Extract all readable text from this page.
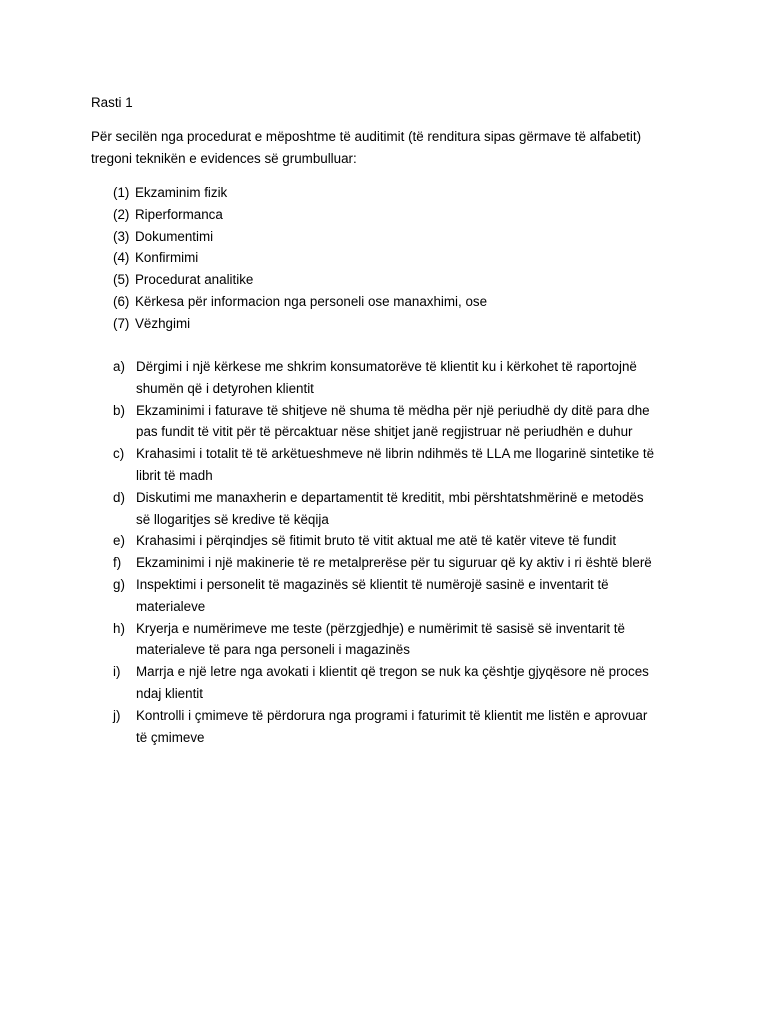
Rasti 1
Për secilën nga procedurat e mëposhtme të auditimit (të renditura sipas gërmave të alfabetit)
tregoni teknikën e evidences së grumbulluar:
(1) Ekzaminim fizik
(2) Riperformanca
(3) Dokumentimi
(4) Konfirmimi
(5) Procedurat analitike
(6) Kërkesa për informacion nga personeli ose manaxhimi, ose
(7) Vëzhgimi
a) Dërgimi i një kërkese me shkrim konsumatorëve të klientit ku i kërkohet të raportojnë
shumën që i detyrohen klientit
b) Ekzaminimi i faturave të shitjeve në shuma të mëdha për një periudhë dy ditë para dhe
pas fundit të vitit për të përcaktuar nëse shitjet janë regjistruar në periudhën e duhur
c) Krahasimi i totalit të të arkëtueshmeve në librin ndihmës të LLA me llogarinë sintetike të
librit të madh
d) Diskutimi me manaxherin e departamentit të kreditit, mbi përshtatshmërinë e metodës
së llogaritjes së kredive të këqija
e) Krahasimi i përqindjes së fitimit bruto të vitit aktual me atë të katër viteve të fundit
f)	Ekzaminimi i një makinerie të re metalprerëse për tu siguruar që ky aktiv i ri është blerë
g) Inspektimi i personelit të magazinës së klientit të numërojë sasinë e inventarit të
materialeve
h) Kryerja e numërimeve me teste (përzgjedhje) e numërimit të sasisë së inventarit të
materialeve të para nga personeli i magazinës
i)	Marrja e një letre nga avokati i klientit që tregon se nuk ka çështje gjyqësore në proces
ndaj klientit
j)	Kontrolli i çmimeve të përdorura nga programi i faturimit të klientit me listën e aprovuar
të çmimeve
